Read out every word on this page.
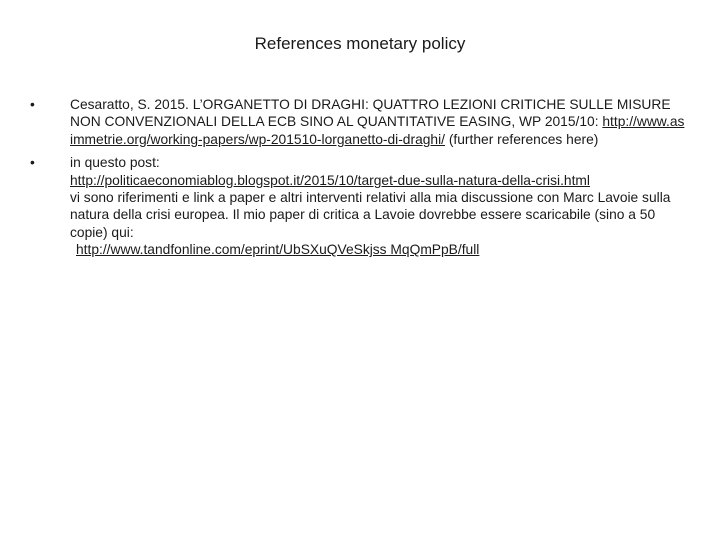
References monetary policy
•	Cesaratto, S. 2015. L’ORGANETTO DI DRAGHI: QUATTRO LEZIONI CRITICHE SULLE MISURE NON CONVENZIONALI DELLA ECB SINO AL QUANTITATIVE EASING, WP 2015/10: http://www.asimmetrie.org/working-papers/wp-201510-lorganetto-di-draghi/ (further references here)
•	in questo post:
http://politicaeconomiablog.blogspot.it/2015/10/target-due-sulla-natura-della-crisi.html
vi sono riferimenti e link a paper e altri interventi relativi alla mia discussione con Marc Lavoie sulla natura della crisi europea. Il mio paper di critica a Lavoie dovrebbe essere scaricabile (sino a 50 copie) qui:
http://www.tandfonline.com/eprint/UbSXuQVeSkjss MqQmPpB/full
